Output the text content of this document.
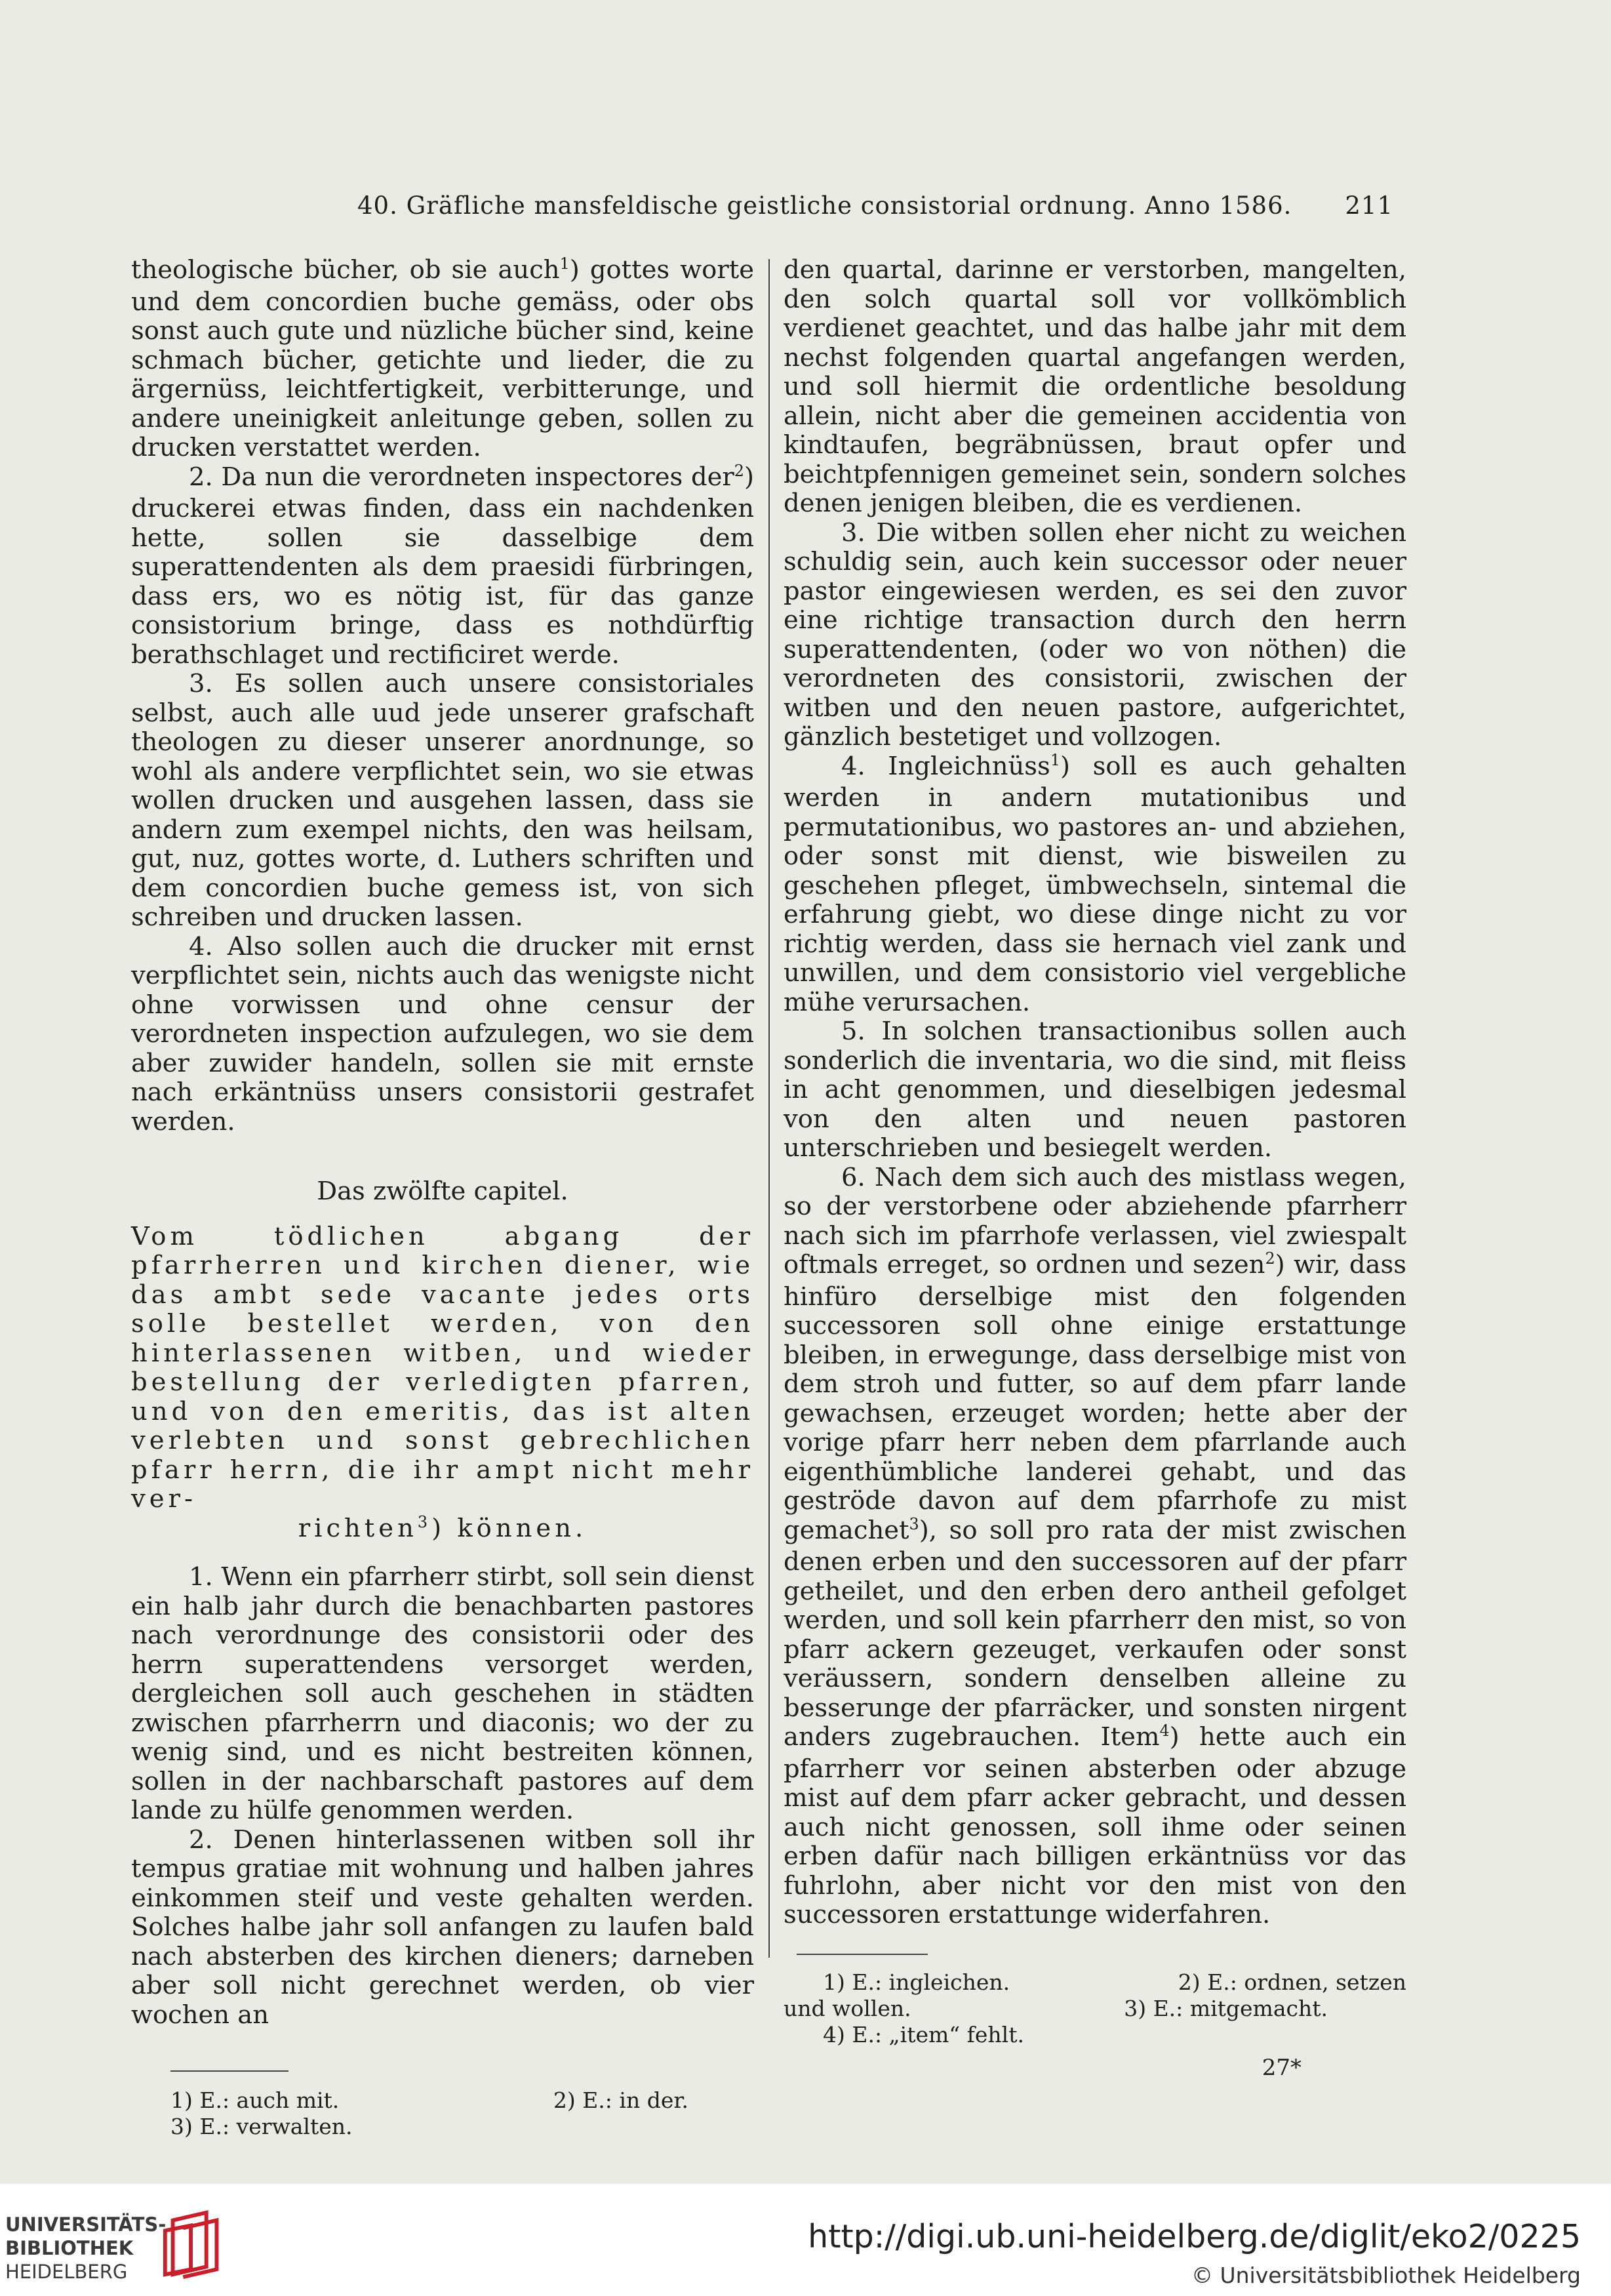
40. Gräfliche mansfeldische geistliche consistorial ordnung. Anno 1586. 211

theologische bücher, ob sie auch$^1$) gottes worte und dem concordien buche gemäss, oder obs sonst auch gute und nüzliche bücher sind, keine schmach bücher, getichte und lieder, die zu ärgernüss, leichtfertigkeit, verbitterunge, und andere uneinigkeit anleitunge geben, sollen zu drucken verstattet werden.

2. Da nun die verordneten inspectores der$^2$) druckerei etwas finden, dass ein nachdenken hette, sollen sie dasselbige dem superattendenten als dem praesidi fürbringen, dass ers, wo es nötig ist, für das ganze consistorium bringe, dass es nothdürftig berathschlaget und rectificiret werde.

3. Es sollen auch unsere consistoriales selbst, auch alle uud jede unserer grafschaft theologen zu dieser unserer anordnunge, so wohl als andere verpflichtet sein, wo sie etwas wollen drucken und ausgehen lassen, dass sie andern zum exempel nichts, den was heilsam, gut, nuz, gottes worte, d. Luthers schriften und dem concordien buche gemess ist, von sich schreiben und drucken lassen.

4. Also sollen auch die drucker mit ernst verpflichtet sein, nichts auch das wenigste nicht ohne vorwissen und ohne censur der verordneten inspection aufzulegen, wo sie dem aber zuwider handeln, sollen sie mit ernste nach erkäntnüss unsers consistorii gestrafet werden.

Das zwölfte capitel.
Vom tödlichen abgang der pfarrherren und kirchen diener, wie das ambt sede vacante jedes orts solle bestellet werden, von den hinterlassenen witben, und wieder bestellung der verledigten pfarren, und von den emeritis, das ist alten verlebten und sonst gebrechlichen pfarr herrn, die ihr ampt nicht mehr ver-
richten$^3$) können.

1. Wenn ein pfarrherr stirbt, soll sein dienst ein halb jahr durch die benachbarten pastores nach verordnunge des consistorii oder des herrn superattendens versorget werden, dergleichen soll auch geschehen in städten zwischen pfarrherrn und diaconis; wo der zu wenig sind, und es nicht bestreiten können, sollen in der nachbarschaft pastores auf dem lande zu hülfe genommen werden.

2. Denen hinterlassenen witben soll ihr tempus gratiae mit wohnung und halben jahres einkommen steif und veste gehalten werden. Solches halbe jahr soll anfangen zu laufen bald nach absterben des kirchen dieners; darneben aber soll nicht gerechnet werden, ob vier wochen an

1) E.: auch mit.	2) E.: in der.
3) E.: verwalten.

den quartal, darinne er verstorben, mangelten, den solch quartal soll vor vollkömblich verdienet geachtet, und das halbe jahr mit dem nechst folgenden quartal angefangen werden, und soll hiermit die ordentliche besoldung allein, nicht aber die gemeinen accidentia von kindtaufen, begräbnüssen, braut opfer und beichtpfennigen gemeinet sein, sondern solches denen jenigen bleiben, die es verdienen.

3. Die witben sollen eher nicht zu weichen schuldig sein, auch kein successor oder neuer pastor eingewiesen werden, es sei den zuvor eine richtige transaction durch den herrn superattendenten, (oder wo von nöthen) die verordneten des consistorii, zwischen der witben und den neuen pastore, aufgerichtet, gänzlich bestetiget und vollzogen.

4. Ingleichnüss$^1$) soll es auch gehalten werden in andern mutationibus und permutationibus, wo pastores an- und abziehen, oder sonst mit dienst, wie bisweilen zu geschehen pfleget, ümbwechseln, sintemal die erfahrung giebt, wo diese dinge nicht zu vor richtig werden, dass sie hernach viel zank und unwillen, und dem consistorio viel vergebliche mühe verursachen.

5. In solchen transactionibus sollen auch sonderlich die inventaria, wo die sind, mit fleiss in acht genommen, und dieselbigen jedesmal von den alten und neuen pastoren unterschrieben und besiegelt werden.

6. Nach dem sich auch des mistlass wegen, so der verstorbene oder abziehende pfarrherr nach sich im pfarrhofe verlassen, viel zwiespalt oftmals erreget, so ordnen und sezen$^2$) wir, dass hinfüro derselbige mist den folgenden successoren soll ohne einige erstattunge bleiben, in erwegunge, dass derselbige mist von dem stroh und futter, so auf dem pfarr lande gewachsen, erzeuget worden; hette aber der vorige pfarr herr neben dem pfarrlande auch eigenthümbliche landerei gehabt, und das geströde davon auf dem pfarrhofe zu mist gemachet$^3$), so soll pro rata der mist zwischen denen erben und den successoren auf der pfarr getheilet, und den erben dero antheil gefolget werden, und soll kein pfarrherr den mist, so von pfarr ackern gezeuget, verkaufen oder sonst veräussern, sondern denselben alleine zu besserunge der pfarräcker, und sonsten nirgent anders zugebrauchen. Item$^4$) hette auch ein pfarrherr vor seinen absterben oder abzuge mist auf dem pfarr acker gebracht, und dessen auch nicht genossen, soll ihme oder seinen erben dafür nach billigen erkäntnüss vor das fuhrlohn, aber nicht vor den mist von den successoren erstattunge widerfahren.

1) E.: ingleichen.	2) E.: ordnen, setzen
und wollen.	3) E.: mitgemacht.
4) E.: „item“ fehlt.
27*
UNIVERSITÄTS-
BIBLIOTHEK
HEIDELBERG
http://digi.ub.uni-heidelberg.de/diglit/eko2/0225
© Universitätsbibliothek Heidelberg
